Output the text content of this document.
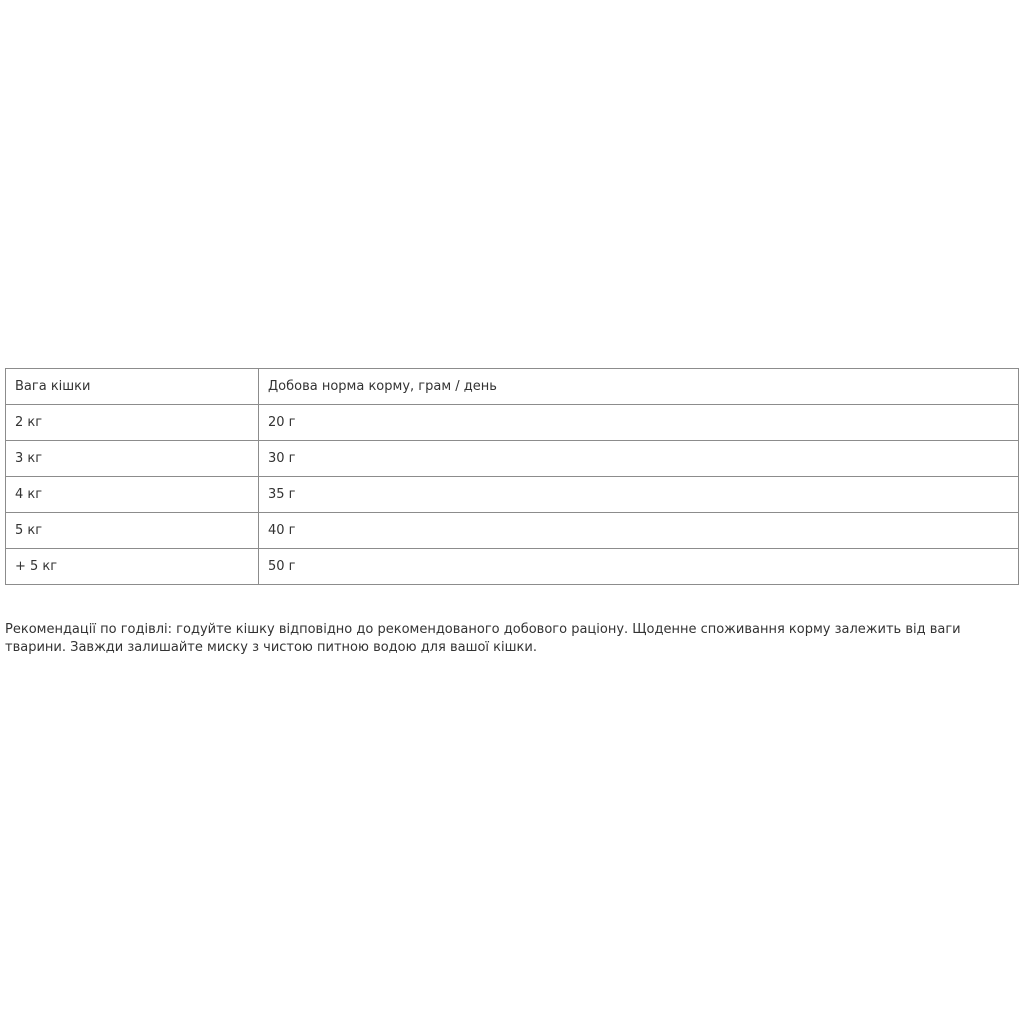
Вага кішки	Добова норма корму, грам / день
2 кг	20 г
3 кг	30 г
4 кг	35 г
5 кг	40 г
+ 5 кг	50 г

Рекомендації по годівлі: годуйте кішку відповідно до рекомендованого добового раціону. Щоденне споживання корму залежить від ваги тварини. Завжди залишайте миску з чистою питною водою для вашої кішки.
